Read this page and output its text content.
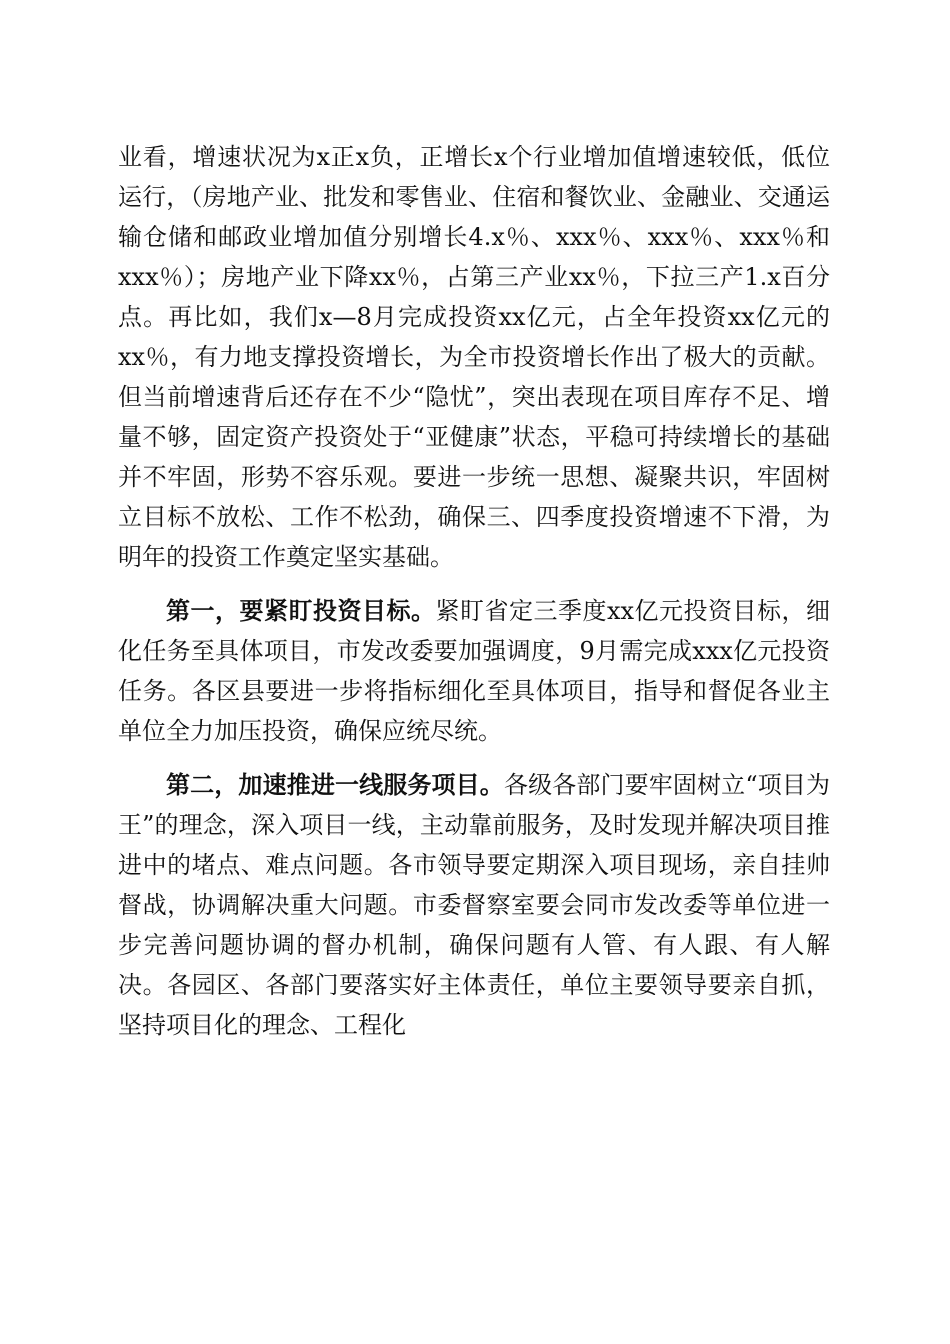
业看，增速状况为x正x负，正增长x个行业增加值增速较低，低位运行，（房地产业、批发和零售业、住宿和餐饮业、金融业、交通运输仓储和邮政业增加值分别增长4.x％、xxx％、xxx％、xxx％和xxx％）；房地产业下降xx％，占第三产业xx％，下拉三产1.x百分点。再比如，我们x—8月完成投资xx亿元，占全年投资xx亿元的xx％，有力地支撑投资增长，为全市投资增长作出了极大的贡献。但当前增速背后还存在不少“隐忧”，突出表现在项目库存不足、增量不够，固定资产投资处于“亚健康”状态，平稳可持续增长的基础并不牢固，形势不容乐观。要进一步统一思想、凝聚共识，牢固树立目标不放松、工作不松劲，确保三、四季度投资增速不下滑，为明年的投资工作奠定坚实基础。

第一，要紧盯投资目标。紧盯省定三季度xx亿元投资目标，细化任务至具体项目，市发改委要加强调度，9月需完成xxx亿元投资任务。各区县要进一步将指标细化至具体项目，指导和督促各业主单位全力加压投资，确保应统尽统。

第二，加速推进一线服务项目。各级各部门要牢固树立“项目为王”的理念，深入项目一线，主动靠前服务，及时发现并解决项目推进中的堵点、难点问题。各市领导要定期深入项目现场，亲自挂帅督战，协调解决重大问题。市委督察室要会同市发改委等单位进一步完善问题协调的督办机制，确保问题有人管、有人跟、有人解决。各园区、各部门要落实好主体责任，单位主要领导要亲自抓，坚持项目化的理念、工程化
